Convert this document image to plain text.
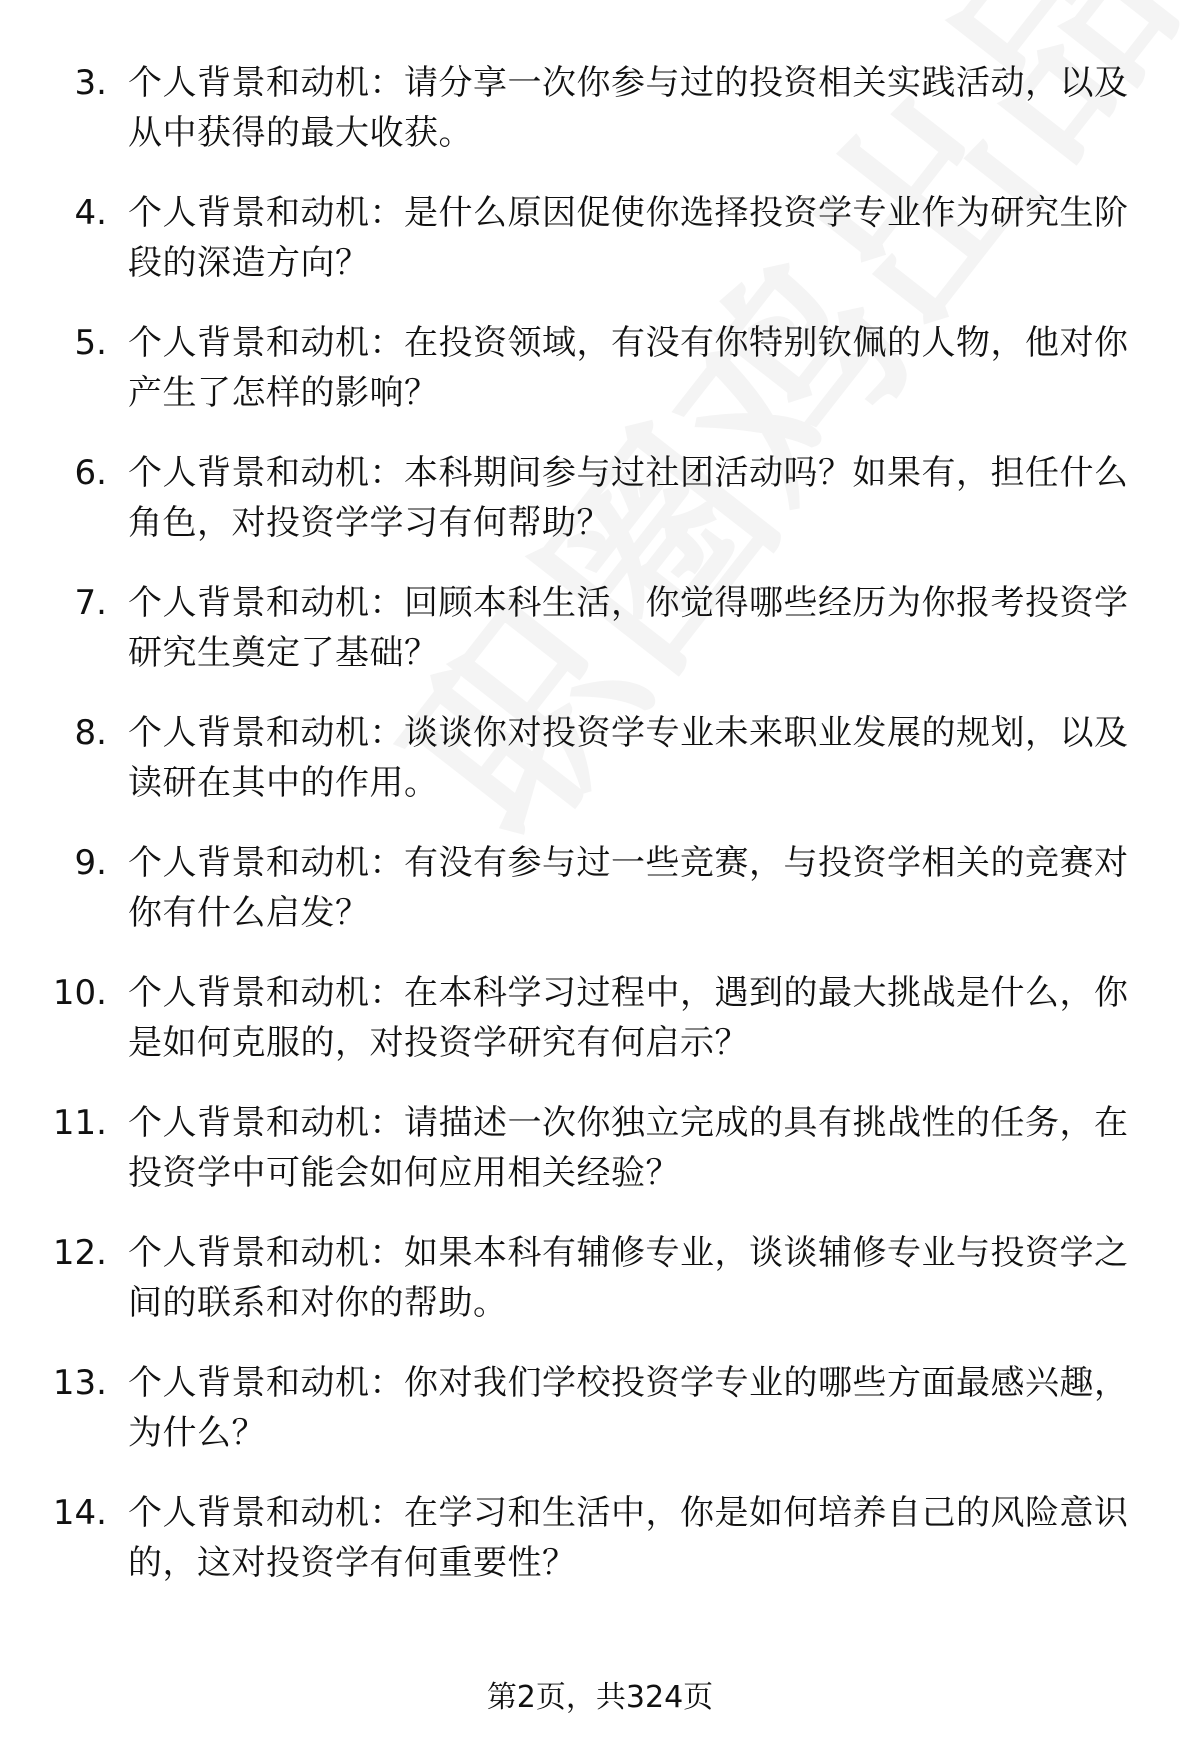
3. 个人背景和动机：请分享一次你参与过的投资相关实践活动，以及从中获得的最大收获。
4. 个人背景和动机：是什么原因促使你选择投资学专业作为研究生阶段的深造方向？
5. 个人背景和动机：在投资领域，有没有你特别钦佩的人物，他对你产生了怎样的影响？
6. 个人背景和动机：本科期间参与过社团活动吗？如果有，担任什么角色，对投资学学习有何帮助？
7. 个人背景和动机：回顾本科生活，你觉得哪些经历为你报考投资学研究生奠定了基础？
8. 个人背景和动机：谈谈你对投资学专业未来职业发展的规划，以及读研在其中的作用。
9. 个人背景和动机：有没有参与过一些竞赛，与投资学相关的竞赛对你有什么启发？
10. 个人背景和动机：在本科学习过程中，遇到的最大挑战是什么，你是如何克服的，对投资学研究有何启示？
11. 个人背景和动机：请描述一次你独立完成的具有挑战性的任务，在投资学中可能会如何应用相关经验？
12. 个人背景和动机：如果本科有辅修专业，谈谈辅修专业与投资学之间的联系和对你的帮助。
13. 个人背景和动机：你对我们学校投资学专业的哪些方面最感兴趣，为什么？
14. 个人背景和动机：在学习和生活中，你是如何培养自己的风险意识的，这对投资学有何重要性？
第2页，共324页
